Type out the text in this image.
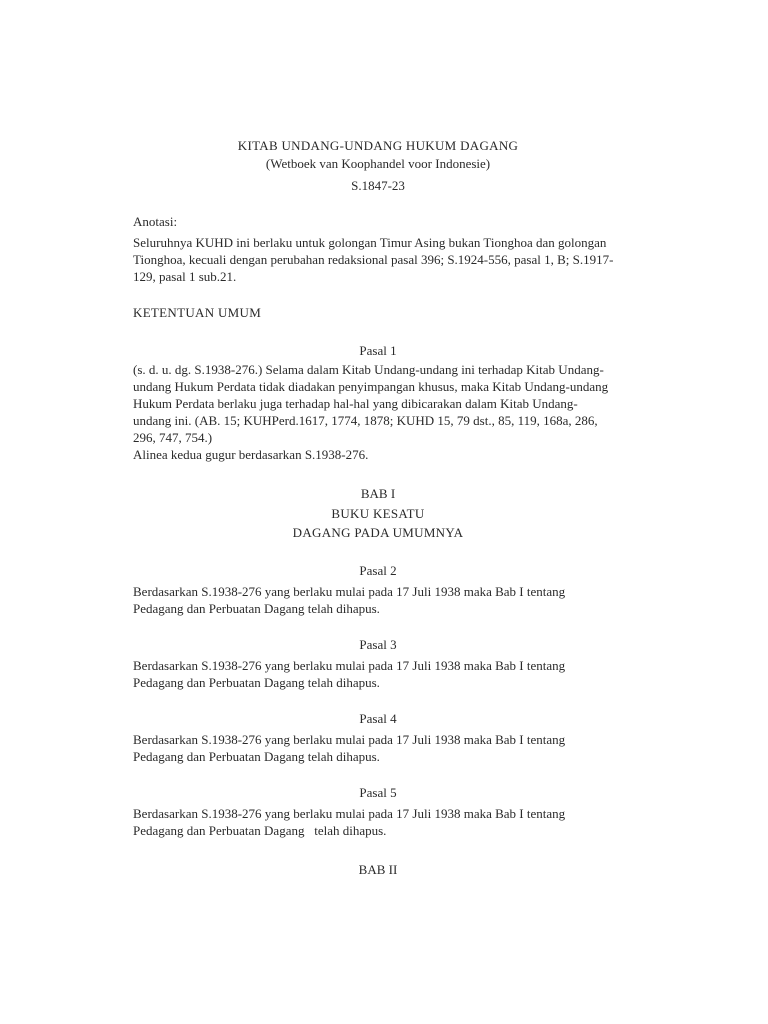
KITAB UNDANG-UNDANG HUKUM DAGANG
(Wetboek van Koophandel voor Indonesie)
S.1847-23
Anotasi:
Seluruhnya KUHD ini berlaku untuk golongan Timur Asing bukan Tionghoa dan golongan
Tionghoa, kecuali dengan perubahan redaksional pasal 396; S.1924-556, pasal 1, B; S.1917-
129, pasal 1 sub.21.
KETENTUAN UMUM
Pasal 1
(s. d. u. dg. S.1938-276.) Selama dalam Kitab Undang-undang ini terhadap Kitab Undang-
undang Hukum Perdata tidak diadakan penyimpangan khusus, maka Kitab Undang-undang
Hukum Perdata berlaku juga terhadap hal-hal yang dibicarakan dalam Kitab Undang-
undang ini. (AB. 15; KUHPerd.1617, 1774, 1878; KUHD 15, 79 dst., 85, 119, 168a, 286,
296, 747, 754.)
Alinea kedua gugur berdasarkan S.1938-276.
BAB I
BUKU KESATU
DAGANG PADA UMUMNYA
Pasal 2
Berdasarkan S.1938-276 yang berlaku mulai pada 17 Juli 1938 maka Bab I tentang
Pedagang dan Perbuatan Dagang telah dihapus.
Pasal 3
Berdasarkan S.1938-276 yang berlaku mulai pada 17 Juli 1938 maka Bab I tentang
Pedagang dan Perbuatan Dagang telah dihapus.
Pasal 4
Berdasarkan S.1938-276 yang berlaku mulai pada 17 Juli 1938 maka Bab I tentang
Pedagang dan Perbuatan Dagang telah dihapus.
Pasal 5
Berdasarkan S.1938-276 yang berlaku mulai pada 17 Juli 1938 maka Bab I tentang
Pedagang dan Perbuatan Dagang   telah dihapus.
BAB II
